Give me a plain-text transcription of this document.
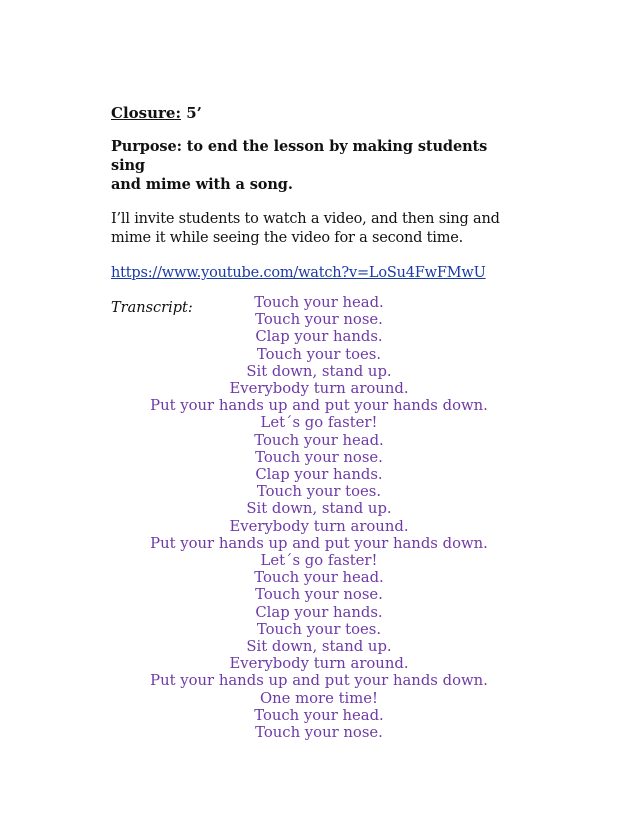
Closure: 5’
Purpose: to end the lesson by making students sing
and mime with a song.
I’ll invite students to watch a video, and then sing and
mime it while seeing the video for a second time.
https://www.youtube.com/watch?v=LoSu4FwFMwU
Transcript:	Touch your head.
Touch your nose.
Clap your hands.
Touch your toes.
Sit down, stand up.
Everybody turn around.
Put your hands up and put your hands down.
Let´s go faster!
Touch your head.
Touch your nose.
Clap your hands.
Touch your toes.
Sit down, stand up.
Everybody turn around.
Put your hands up and put your hands down.
Let´s go faster!
Touch your head.
Touch your nose.
Clap your hands.
Touch your toes.
Sit down, stand up.
Everybody turn around.
Put your hands up and put your hands down.
One more time!
Touch your head.
Touch your nose.
